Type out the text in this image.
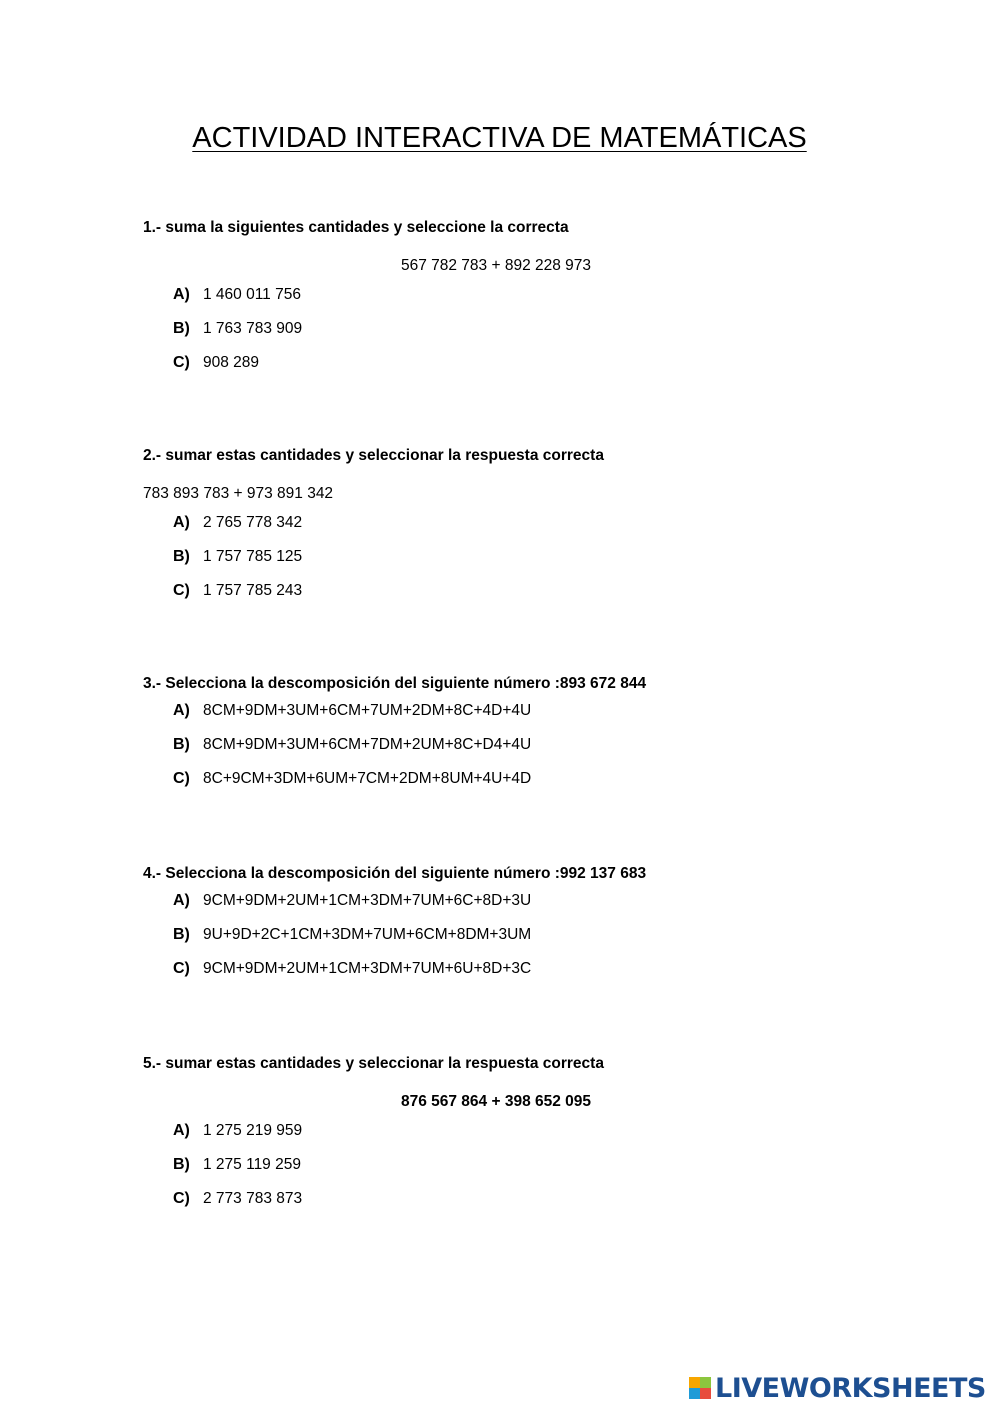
ACTIVIDAD INTERACTIVA DE MATEMÁTICAS
1.- suma la siguientes cantidades y seleccione la correcta
567 782 783 + 892 228 973
A) 1 460 011 756
B) 1 763 783 909
C) 908 289
2.- sumar estas cantidades y seleccionar la respuesta correcta
783 893 783 + 973 891 342
A) 2 765 778 342
B) 1 757 785 125
C) 1 757 785 243
3.- Selecciona la descomposición del siguiente número :893 672 844
A) 8CM+9DM+3UM+6CM+7UM+2DM+8C+4D+4U
B) 8CM+9DM+3UM+6CM+7DM+2UM+8C+D4+4U
C) 8C+9CM+3DM+6UM+7CM+2DM+8UM+4U+4D
4.- Selecciona la descomposición del siguiente número :992 137 683
A) 9CM+9DM+2UM+1CM+3DM+7UM+6C+8D+3U
B) 9U+9D+2C+1CM+3DM+7UM+6CM+8DM+3UM
C) 9CM+9DM+2UM+1CM+3DM+7UM+6U+8D+3C
5.- sumar estas cantidades y seleccionar la respuesta correcta
876 567 864 + 398 652 095
A) 1 275 219 959
B) 1 275 119 259
C) 2 773 783 873
LIVEWORKSHEETS
